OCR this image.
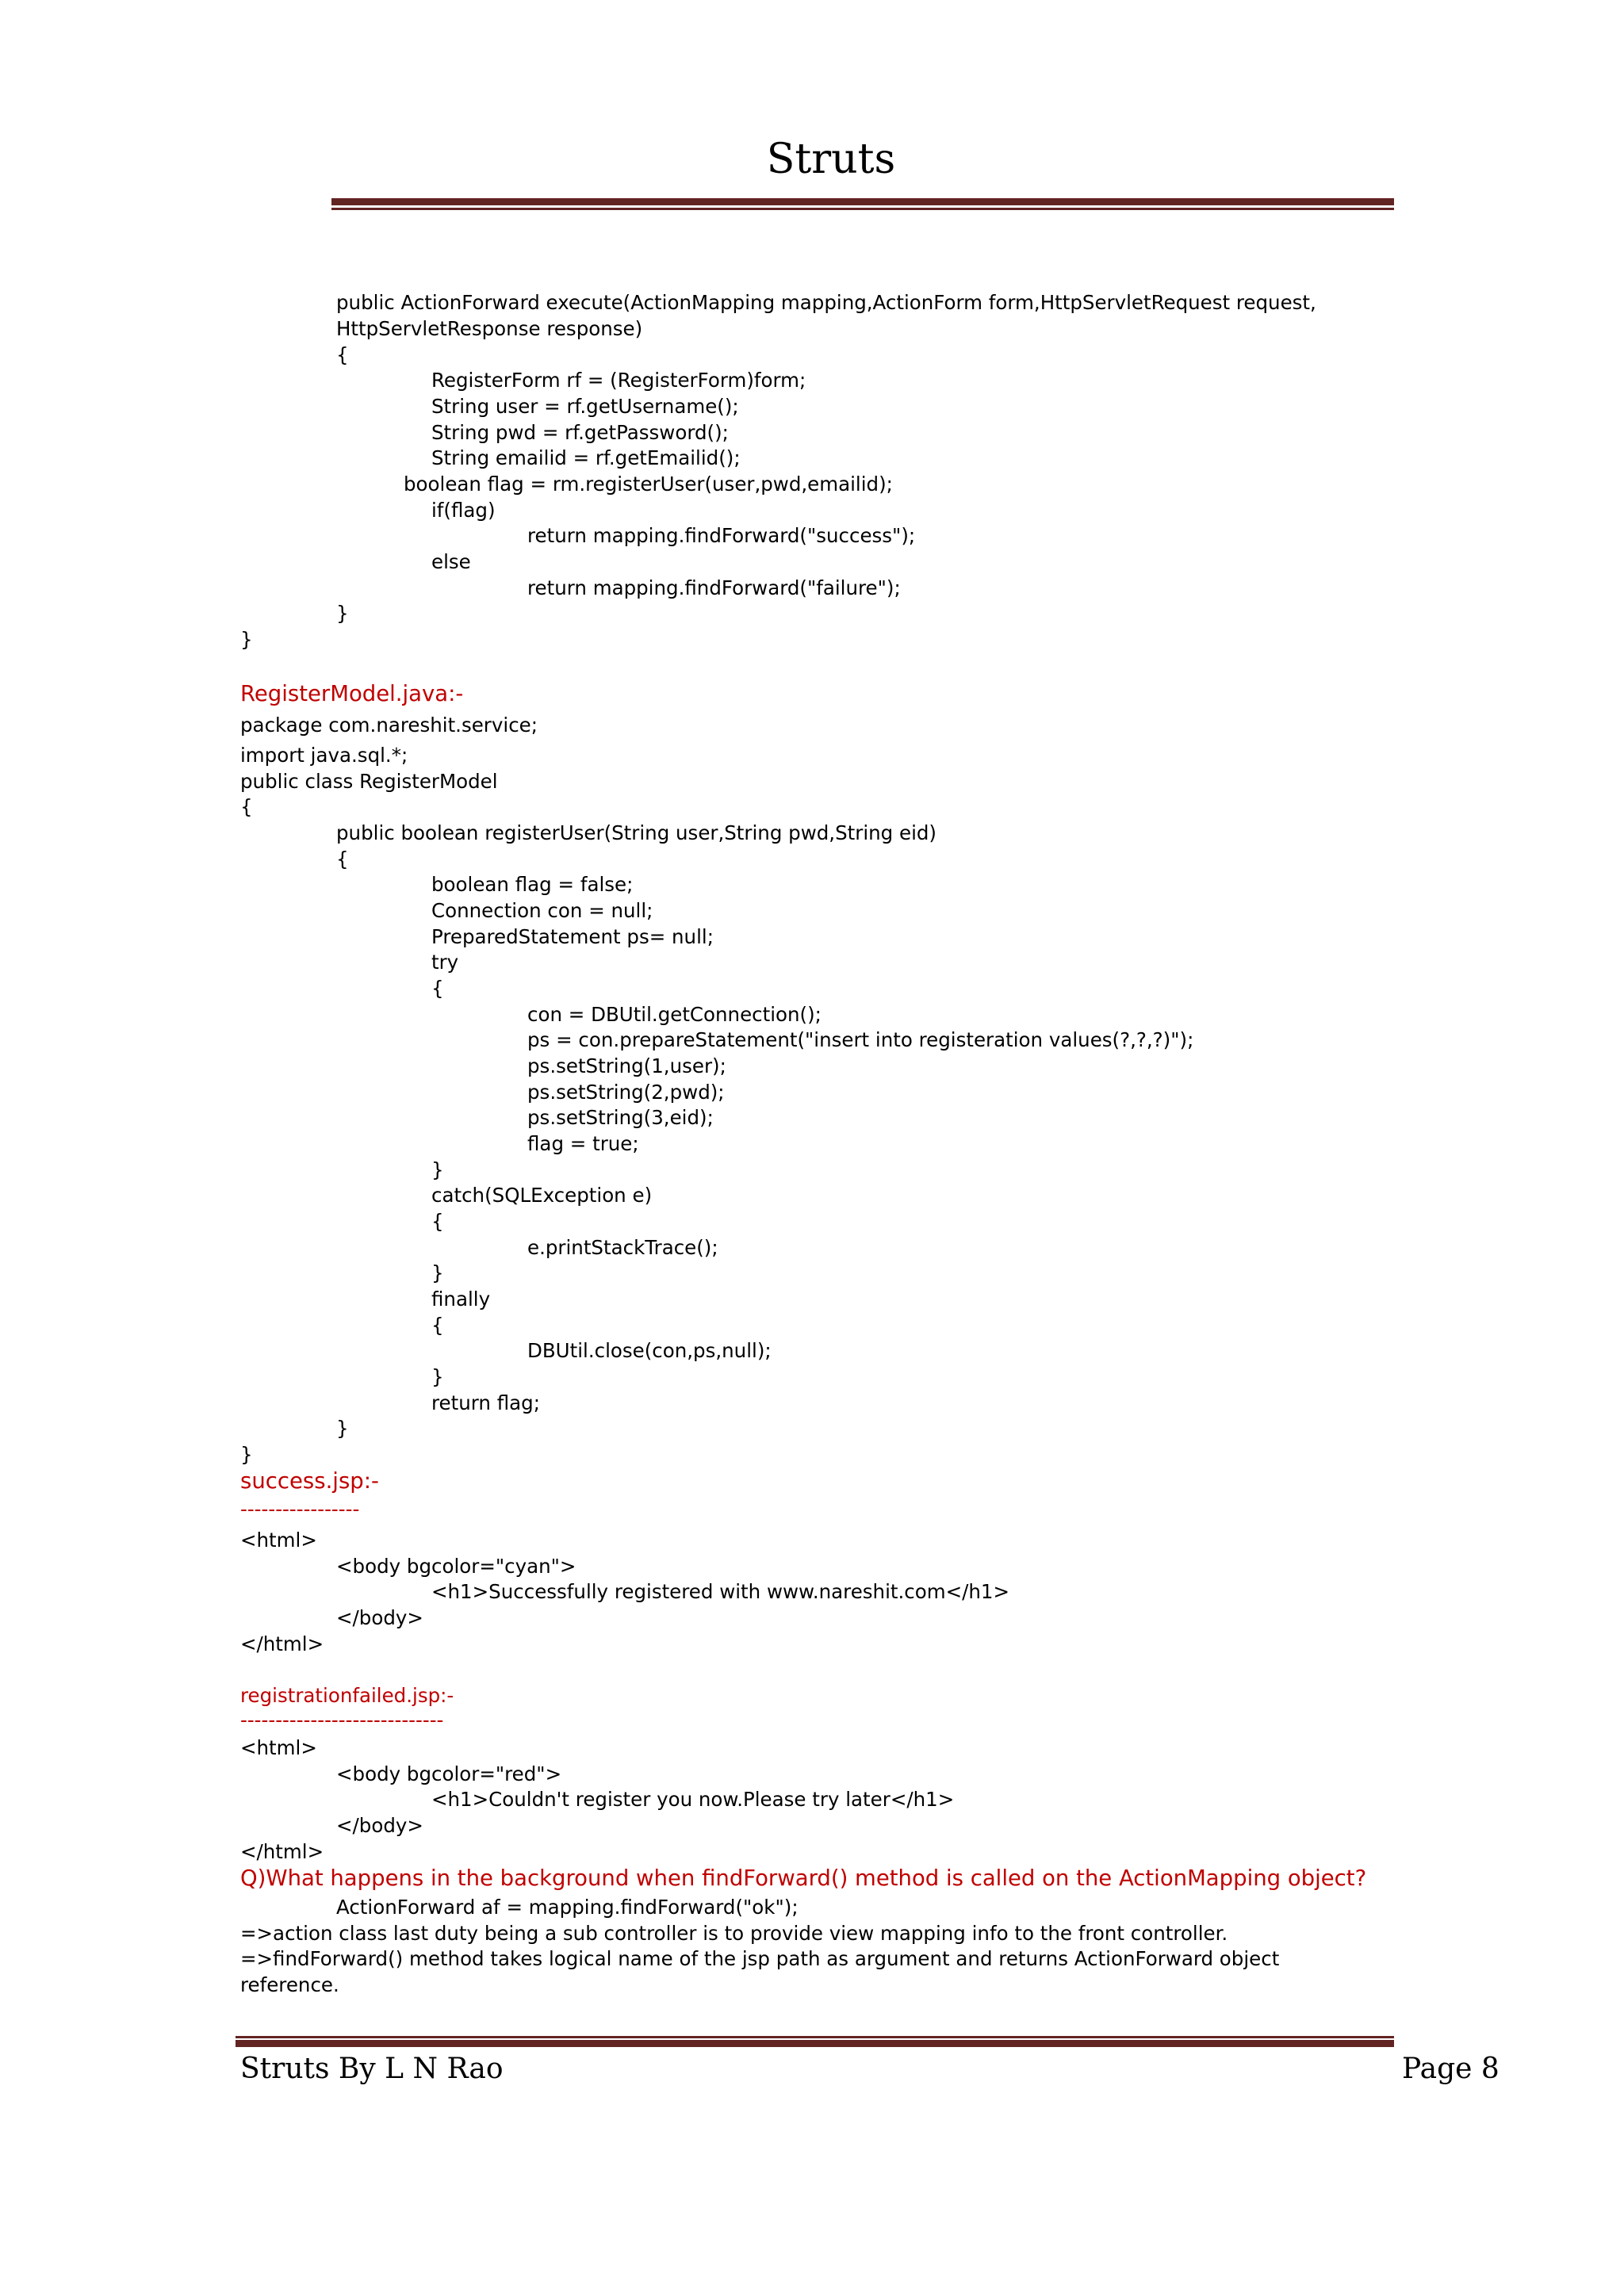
Struts
public ActionForward execute(ActionMapping mapping,ActionForm form,HttpServletRequest request,
HttpServletResponse response)
{
RegisterForm rf = (RegisterForm)form;
String user = rf.getUsername();
String pwd = rf.getPassword();
String emailid = rf.getEmailid();
boolean flag = rm.registerUser(user,pwd,emailid);
if(flag)
return mapping.findForward("success");
else
return mapping.findForward("failure");
}
}
RegisterModel.java:-
package com.nareshit.service;
import java.sql.*;
public class RegisterModel
{
public boolean registerUser(String user,String pwd,String eid)
{
boolean flag = false;
Connection con = null;
PreparedStatement ps= null;
try
{
con = DBUtil.getConnection();
ps = con.prepareStatement("insert into registeration values(?,?,?)");
ps.setString(1,user);
ps.setString(2,pwd);
ps.setString(3,eid);
flag = true;
}
catch(SQLException e)
{
e.printStackTrace();
}
finally
{
DBUtil.close(con,ps,null);
}
return flag;
}
}
success.jsp:-
-----------------
<html>
<body bgcolor="cyan">
<h1>Successfully registered with www.nareshit.com</h1>
</body>
</html>
registrationfailed.jsp:-
-----------------------------
<html>
<body bgcolor="red">
<h1>Couldn't register you now.Please try later</h1>
</body>
</html>
Q)What happens in the background when findForward() method is called on the ActionMapping object?
ActionForward af = mapping.findForward("ok");
=>action class last duty being a sub controller is to provide view mapping info to the front controller.
=>findForward() method takes logical name of the jsp path as argument and returns ActionForward object
reference.
Struts By L N Rao	Page 8
